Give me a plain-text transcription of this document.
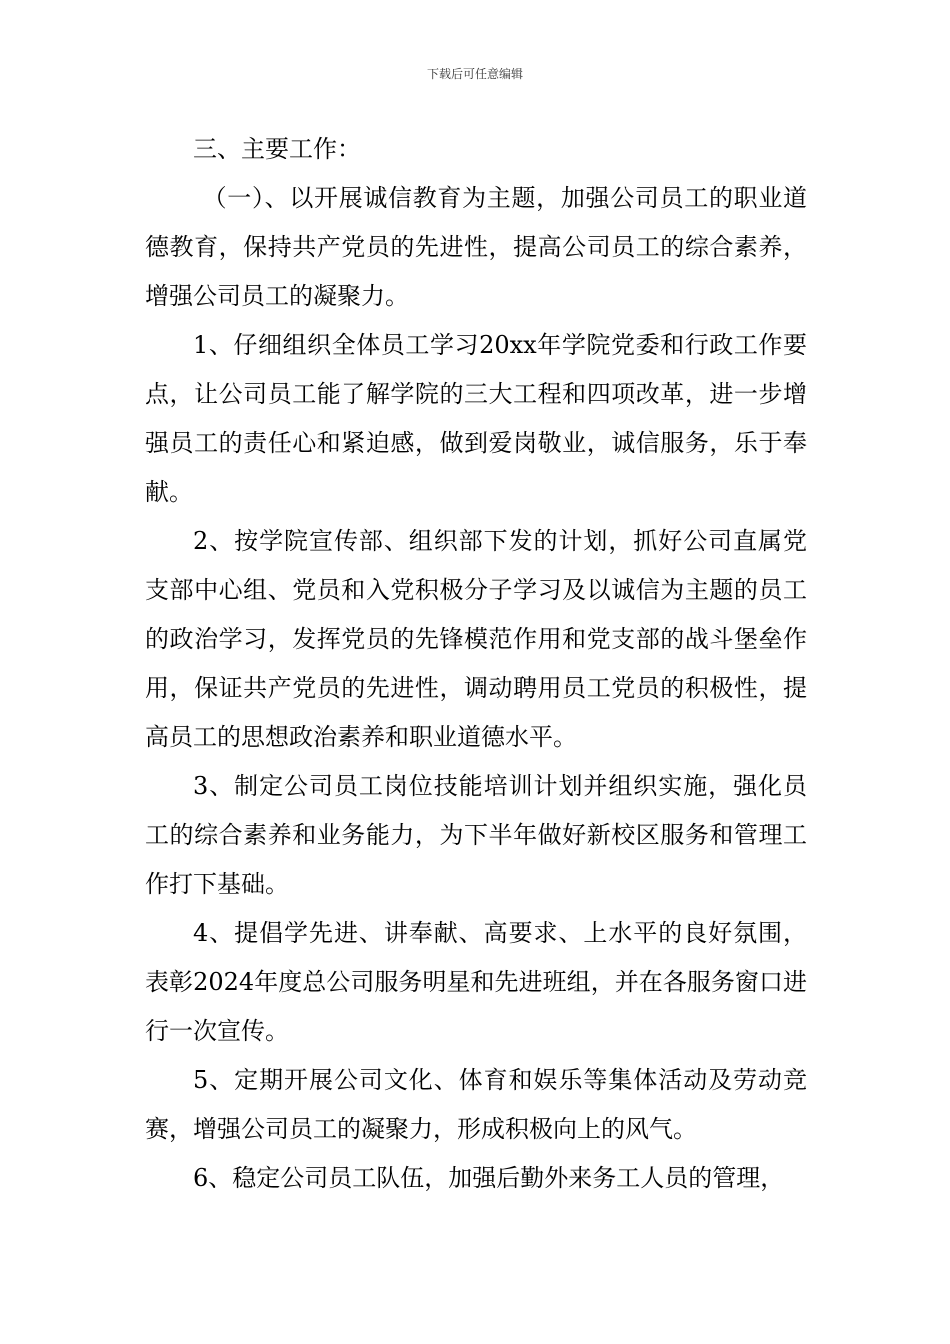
下载后可任意编辑

三、主要工作：

（一）、以开展诚信教育为主题，加强公司员工的职业道德教育，保持共产党员的先进性，提高公司员工的综合素养，增强公司员工的凝聚力。

1、仔细组织全体员工学习20xx年学院党委和行政工作要点，让公司员工能了解学院的三大工程和四项改革，进一步增强员工的责任心和紧迫感，做到爱岗敬业，诚信服务，乐于奉献。

2、按学院宣传部、组织部下发的计划，抓好公司直属党支部中心组、党员和入党积极分子学习及以诚信为主题的员工的政治学习，发挥党员的先锋模范作用和党支部的战斗堡垒作用，保证共产党员的先进性，调动聘用员工党员的积极性，提高员工的思想政治素养和职业道德水平。

3、制定公司员工岗位技能培训计划并组织实施，强化员工的综合素养和业务能力，为下半年做好新校区服务和管理工作打下基础。

4、提倡学先进、讲奉献、高要求、上水平的良好氛围，表彰2024年度总公司服务明星和先进班组，并在各服务窗口进行一次宣传。

5、定期开展公司文化、体育和娱乐等集体活动及劳动竞赛，增强公司员工的凝聚力，形成积极向上的风气。

6、稳定公司员工队伍，加强后勤外来务工人员的管理，
